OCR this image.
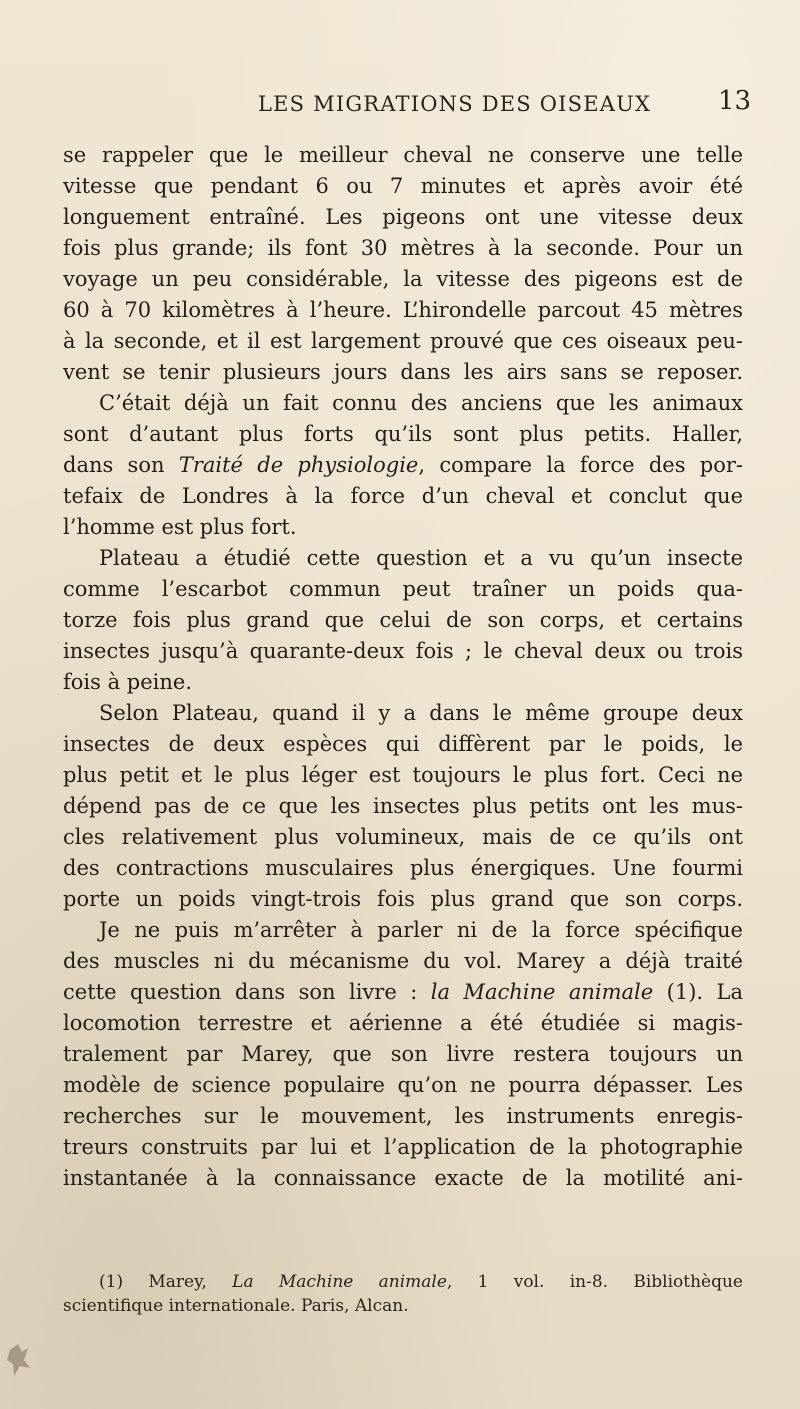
LES MIGRATIONS DES OISEAUX	13
se rappeler que le meilleur cheval ne conserve une telle
vitesse que pendant 6 ou 7 minutes et après avoir été
longuement entraîné. Les pigeons ont une vitesse deux
fois plus grande; ils font 30 mètres à la seconde. Pour un
voyage un peu considérable, la vitesse des pigeons est de
60 à 70 kilomètres à l’heure. L’hirondelle parcout 45 mètres
à la seconde, et il est largement prouvé que ces oiseaux peu-
vent se tenir plusieurs jours dans les airs sans se reposer.
C’était déjà un fait connu des anciens que les animaux
sont d’autant plus forts qu’ils sont plus petits. Haller,
dans son Traité de physiologie, compare la force des por-
tefaix de Londres à la force d’un cheval et conclut que
l’homme est plus fort.
Plateau a étudié cette question et a vu qu’un insecte
comme l’escarbot commun peut traîner un poids qua-
torze fois plus grand que celui de son corps, et certains
insectes jusqu’à quarante-deux fois ; le cheval deux ou trois
fois à peine.
Selon Plateau, quand il y a dans le même groupe deux
insectes de deux espèces qui diffèrent par le poids, le
plus petit et le plus léger est toujours le plus fort. Ceci ne
dépend pas de ce que les insectes plus petits ont les mus-
cles relativement plus volumineux, mais de ce qu’ils ont
des contractions musculaires plus énergiques. Une fourmi
porte un poids vingt-trois fois plus grand que son corps.
Je ne puis m’arrêter à parler ni de la force spécifique
des muscles ni du mécanisme du vol. Marey a déjà traité
cette question dans son livre : la Machine animale (1). La
locomotion terrestre et aérienne a été étudiée si magis-
tralement par Marey, que son livre restera toujours un
modèle de science populaire qu’on ne pourra dépasser. Les
recherches sur le mouvement, les instruments enregis-
treurs construits par lui et l’application de la photographie
instantanée à la connaissance exacte de la motilité ani-
(1) Marey, La Machine animale, 1 vol. in-8. Bibliothèque
scientifique internationale. Paris, Alcan.
